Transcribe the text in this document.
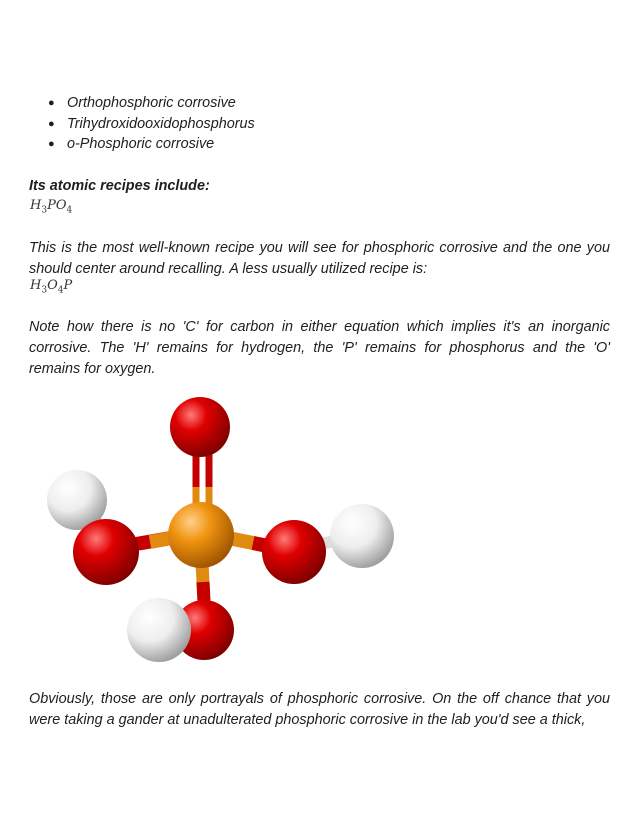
● Orthophosphoric corrosive
● Trihydroxidooxidophosphorus
● o-Phosphoric corrosive
Its atomic recipes include:
$H_3PO_4$
This is the most well-known recipe you will see for phosphoric corrosive and the one you should center around recalling. A less usually utilized recipe is:
$H_3O_4P$
Note how there is no 'C' for carbon in either equation which implies it's an inorganic corrosive. The 'H' remains for hydrogen, the 'P' remains for phosphorus and the 'O' remains for oxygen.
Obviously, those are only portrayals of phosphoric corrosive. On the off chance that you were taking a gander at unadulterated phosphoric corrosive in the lab you'd see a thick,
